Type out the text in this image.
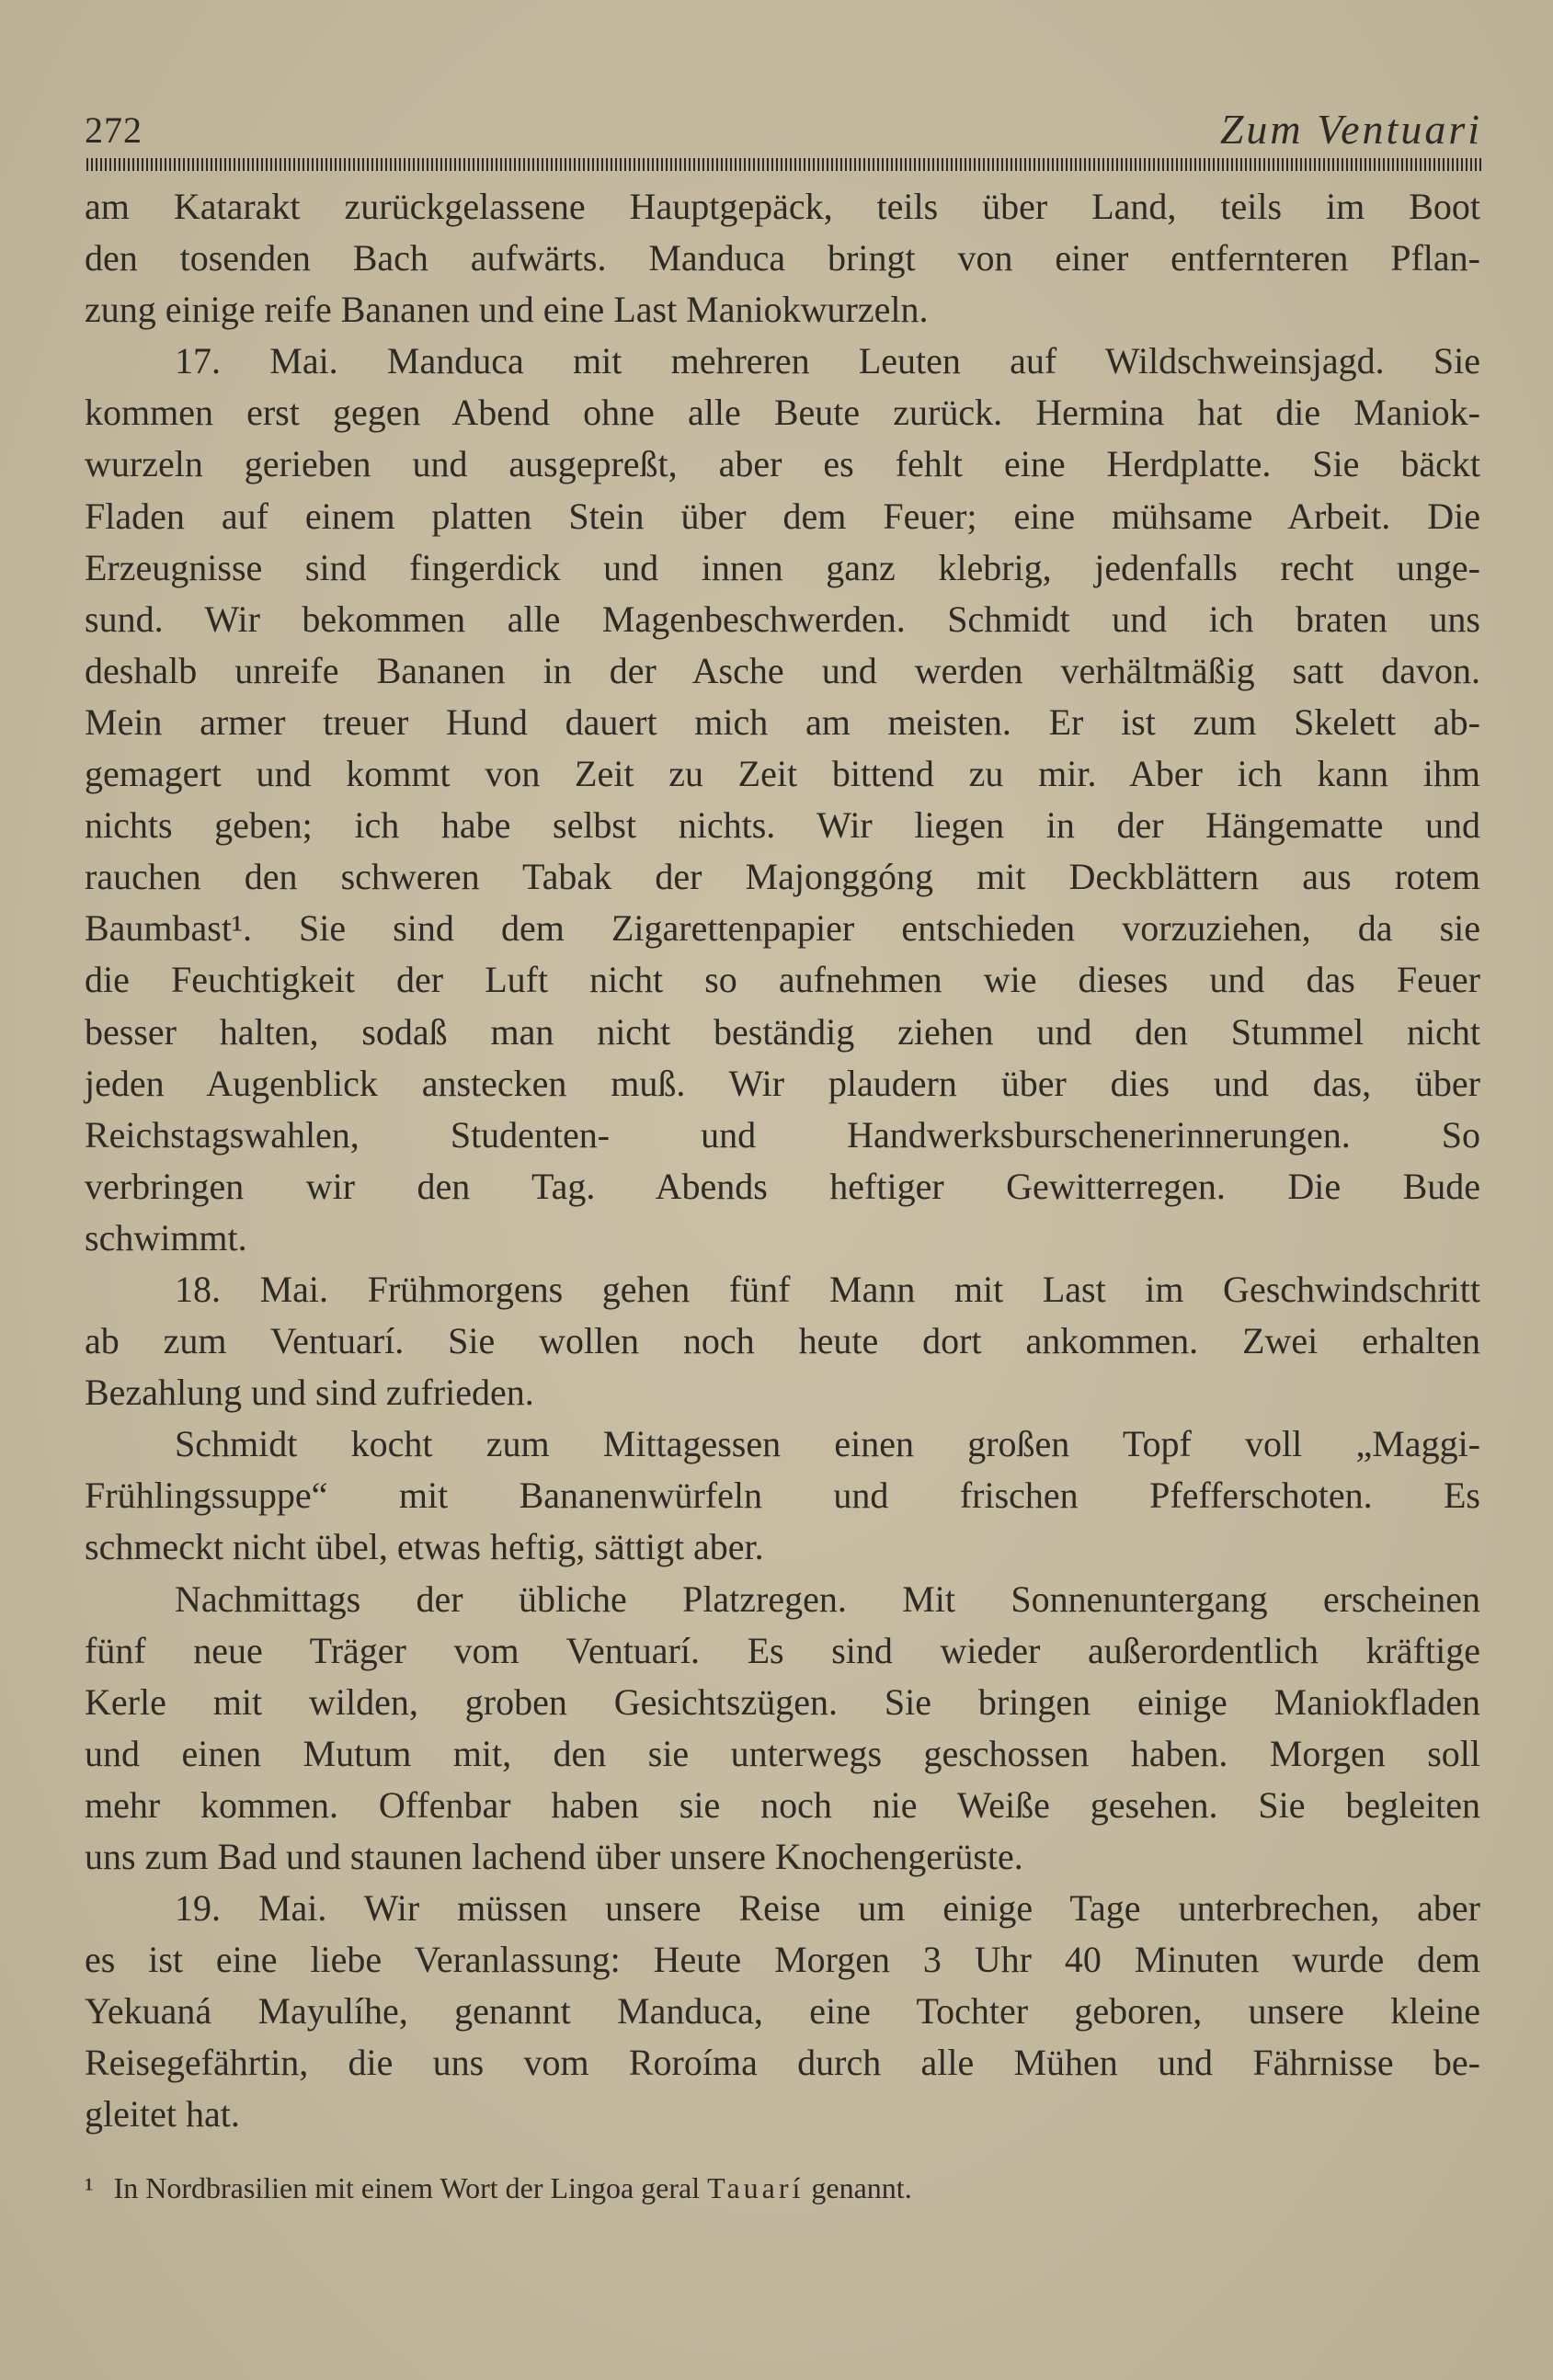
272	Zum Ventuari
am Katarakt zurückgelassene Hauptgepäck, teils über Land, teils im Boot
den tosenden Bach aufwärts. Manduca bringt von einer entfernteren Pflan-
zung einige reife Bananen und eine Last Maniokwurzeln.
17. Mai. Manduca mit mehreren Leuten auf Wildschweinsjagd. Sie
kommen erst gegen Abend ohne alle Beute zurück. Hermina hat die Maniok-
wurzeln gerieben und ausgepreßt, aber es fehlt eine Herdplatte. Sie bäckt
Fladen auf einem platten Stein über dem Feuer; eine mühsame Arbeit. Die
Erzeugnisse sind fingerdick und innen ganz klebrig, jedenfalls recht unge-
sund. Wir bekommen alle Magenbeschwerden. Schmidt und ich braten uns
deshalb unreife Bananen in der Asche und werden verhältmäßig satt davon.
Mein armer treuer Hund dauert mich am meisten. Er ist zum Skelett ab-
gemagert und kommt von Zeit zu Zeit bittend zu mir. Aber ich kann ihm
nichts geben; ich habe selbst nichts. Wir liegen in der Hängematte und
rauchen den schweren Tabak der Majonggóng mit Deckblättern aus rotem
Baumbast¹. Sie sind dem Zigarettenpapier entschieden vorzuziehen, da sie
die Feuchtigkeit der Luft nicht so aufnehmen wie dieses und das Feuer
besser halten, sodaß man nicht beständig ziehen und den Stummel nicht
jeden Augenblick anstecken muß. Wir plaudern über dies und das, über
Reichstagswahlen, Studenten- und Handwerksburschenerinnerungen. So
verbringen wir den Tag. Abends heftiger Gewitterregen. Die Bude
schwimmt.
18. Mai. Frühmorgens gehen fünf Mann mit Last im Geschwindschritt
ab zum Ventuarí. Sie wollen noch heute dort ankommen. Zwei erhalten
Bezahlung und sind zufrieden.
Schmidt kocht zum Mittagessen einen großen Topf voll „Maggi-
Frühlingssuppe“ mit Bananenwürfeln und frischen Pfefferschoten. Es
schmeckt nicht übel, etwas heftig, sättigt aber.
Nachmittags der übliche Platzregen. Mit Sonnenuntergang erscheinen
fünf neue Träger vom Ventuarí. Es sind wieder außerordentlich kräftige
Kerle mit wilden, groben Gesichtszügen. Sie bringen einige Maniokfladen
und einen Mutum mit, den sie unterwegs geschossen haben. Morgen soll
mehr kommen. Offenbar haben sie noch nie Weiße gesehen. Sie begleiten
uns zum Bad und staunen lachend über unsere Knochengerüste.
19. Mai. Wir müssen unsere Reise um einige Tage unterbrechen, aber
es ist eine liebe Veranlassung: Heute Morgen 3 Uhr 40 Minuten wurde dem
Yekuaná Mayulíhe, genannt Manduca, eine Tochter geboren, unsere kleine
Reisegefährtin, die uns vom Roroíma durch alle Mühen und Fährnisse be-
gleitet hat.
¹ In Nordbrasilien mit einem Wort der Lingoa geral Tauarí genannt.
